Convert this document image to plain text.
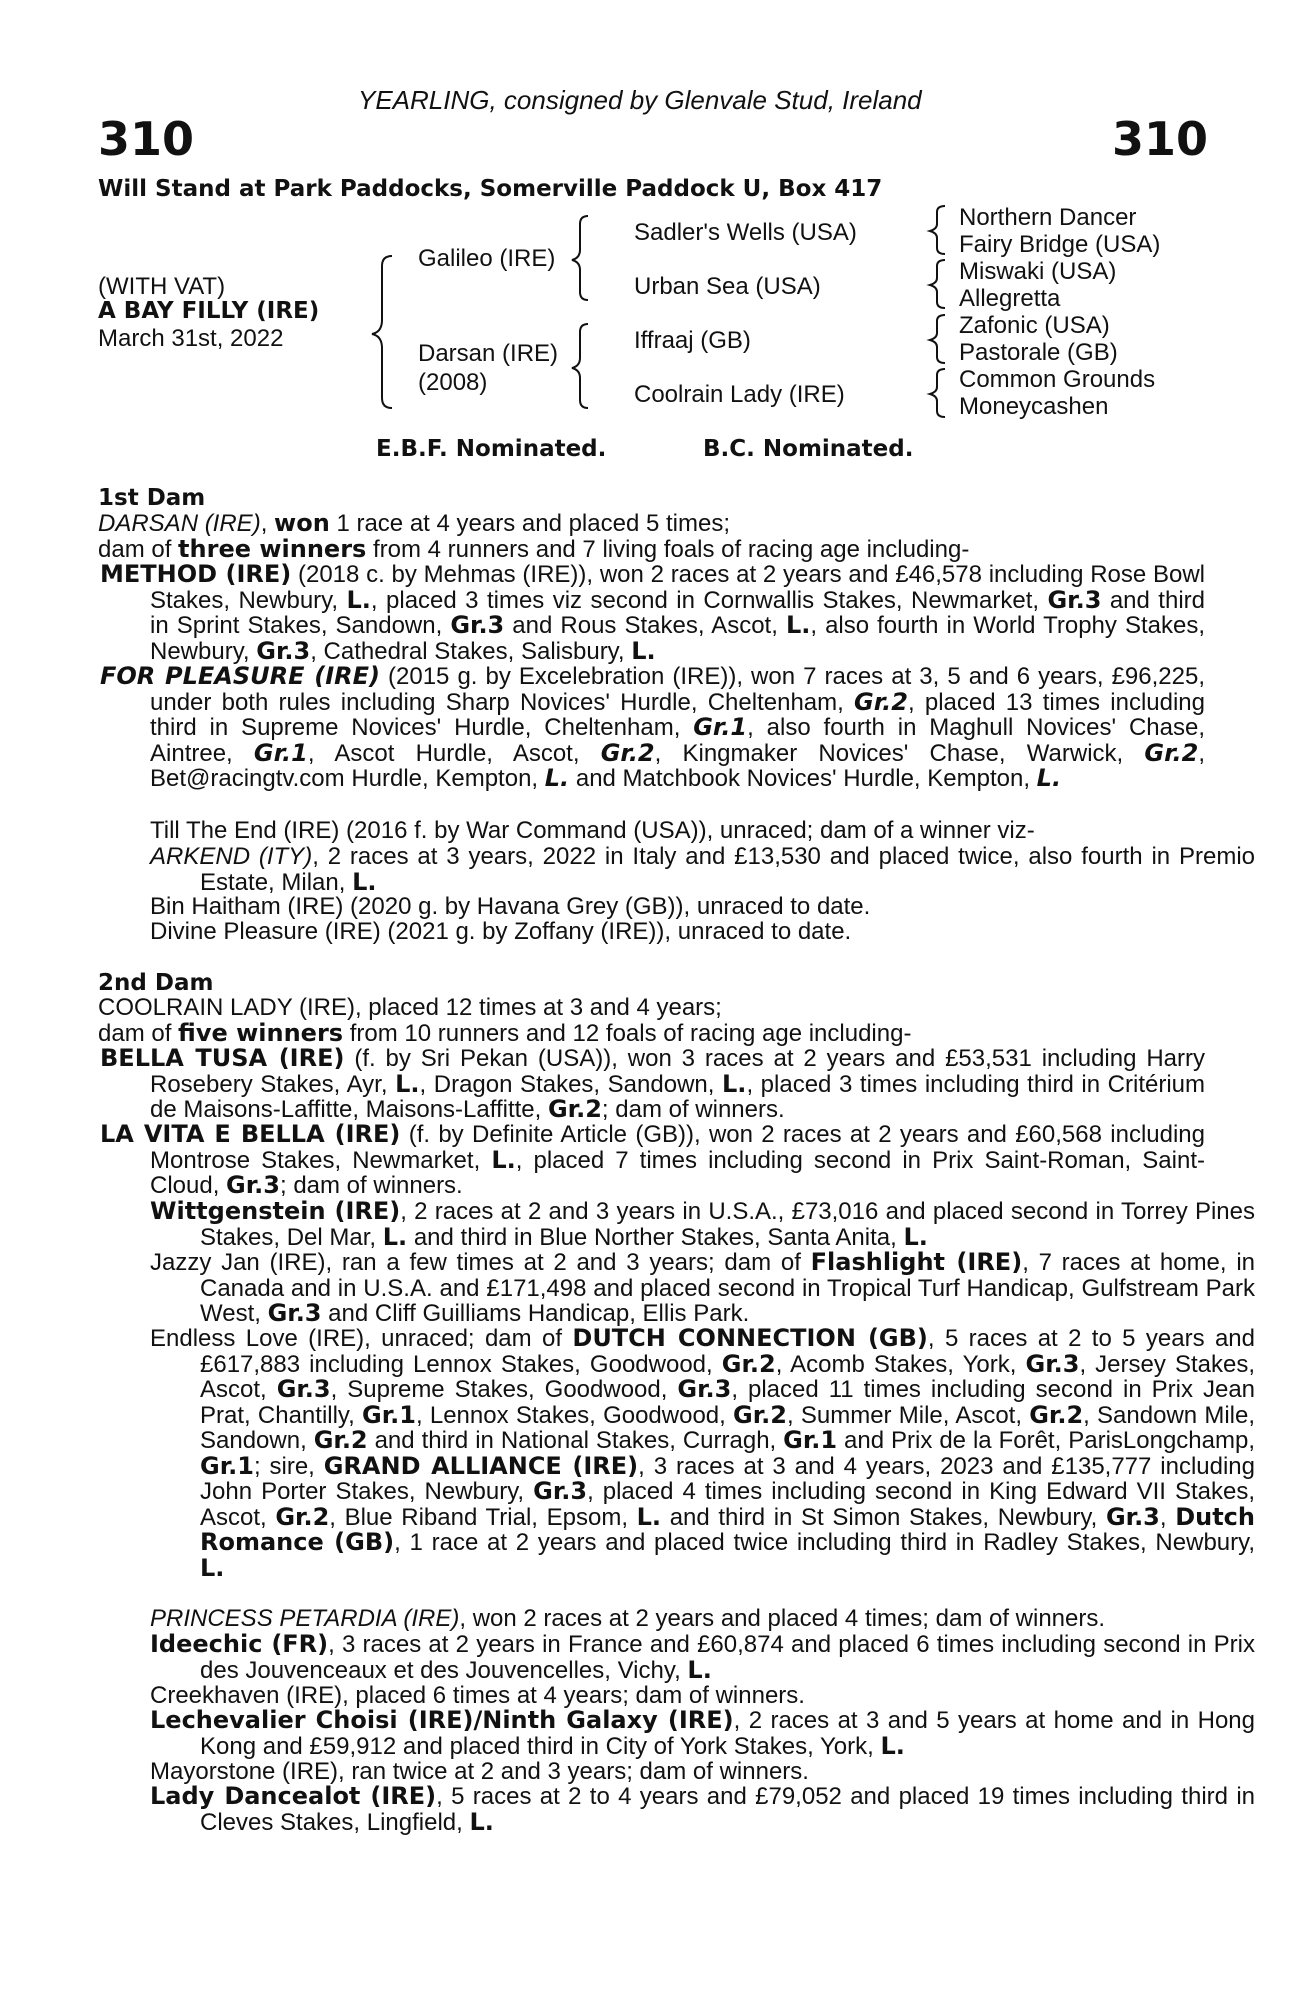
YEARLING, consigned by Glenvale Stud, Ireland
310	310
Will Stand at Park Paddocks, Somerville Paddock U, Box 417
(WITH VAT)
A BAY FILLY (IRE)
March 31st, 2022
Galileo (IRE)
Darsan (IRE)
(2008)
Sadler's Wells (USA)
Urban Sea (USA)
Iffraaj (GB)
Coolrain Lady (IRE)
Northern Dancer
Fairy Bridge (USA)
Miswaki (USA)
Allegretta
Zafonic (USA)
Pastorale (GB)
Common Grounds
Moneycashen
E.B.F. Nominated.	B.C. Nominated.
1st Dam
DARSAN (IRE), won 1 race at 4 years and placed 5 times;
dam of three winners from 4 runners and 7 living foals of racing age including-
METHOD (IRE) (2018 c. by Mehmas (IRE)), won 2 races at 2 years and £46,578 including Rose Bowl Stakes, Newbury, L., placed 3 times viz second in Cornwallis Stakes, Newmarket, Gr.3 and third in Sprint Stakes, Sandown, Gr.3 and Rous Stakes, Ascot, L., also fourth in World Trophy Stakes, Newbury, Gr.3, Cathedral Stakes, Salisbury, L.
FOR PLEASURE (IRE) (2015 g. by Excelebration (IRE)), won 7 races at 3, 5 and 6 years, £96,225, under both rules including Sharp Novices' Hurdle, Cheltenham, Gr.2, placed 13 times including third in Supreme Novices' Hurdle, Cheltenham, Gr.1, also fourth in Maghull Novices' Chase, Aintree, Gr.1, Ascot Hurdle, Ascot, Gr.2, Kingmaker Novices' Chase, Warwick, Gr.2, Bet@racingtv.com Hurdle, Kempton, L. and Matchbook Novices' Hurdle, Kempton, L.
Till The End (IRE) (2016 f. by War Command (USA)), unraced; dam of a winner viz-
ARKEND (ITY), 2 races at 3 years, 2022 in Italy and £13,530 and placed twice, also fourth in Premio Estate, Milan, L.
Bin Haitham (IRE) (2020 g. by Havana Grey (GB)), unraced to date.
Divine Pleasure (IRE) (2021 g. by Zoffany (IRE)), unraced to date.
2nd Dam
COOLRAIN LADY (IRE), placed 12 times at 3 and 4 years;
dam of five winners from 10 runners and 12 foals of racing age including-
BELLA TUSA (IRE) (f. by Sri Pekan (USA)), won 3 races at 2 years and £53,531 including Harry Rosebery Stakes, Ayr, L., Dragon Stakes, Sandown, L., placed 3 times including third in Critérium de Maisons-Laffitte, Maisons-Laffitte, Gr.2; dam of winners.
LA VITA E BELLA (IRE) (f. by Definite Article (GB)), won 2 races at 2 years and £60,568 including Montrose Stakes, Newmarket, L., placed 7 times including second in Prix Saint-Roman, Saint-Cloud, Gr.3; dam of winners.
Wittgenstein (IRE), 2 races at 2 and 3 years in U.S.A., £73,016 and placed second in Torrey Pines Stakes, Del Mar, L. and third in Blue Norther Stakes, Santa Anita, L.
Jazzy Jan (IRE), ran a few times at 2 and 3 years; dam of Flashlight (IRE), 7 races at home, in Canada and in U.S.A. and £171,498 and placed second in Tropical Turf Handicap, Gulfstream Park West, Gr.3 and Cliff Guilliams Handicap, Ellis Park.
Endless Love (IRE), unraced; dam of DUTCH CONNECTION (GB), 5 races at 2 to 5 years and £617,883 including Lennox Stakes, Goodwood, Gr.2, Acomb Stakes, York, Gr.3, Jersey Stakes, Ascot, Gr.3, Supreme Stakes, Goodwood, Gr.3, placed 11 times including second in Prix Jean Prat, Chantilly, Gr.1, Lennox Stakes, Goodwood, Gr.2, Summer Mile, Ascot, Gr.2, Sandown Mile, Sandown, Gr.2 and third in National Stakes, Curragh, Gr.1 and Prix de la Forêt, ParisLongchamp, Gr.1; sire, GRAND ALLIANCE (IRE), 3 races at 3 and 4 years, 2023 and £135,777 including John Porter Stakes, Newbury, Gr.3, placed 4 times including second in King Edward VII Stakes, Ascot, Gr.2, Blue Riband Trial, Epsom, L. and third in St Simon Stakes, Newbury, Gr.3, Dutch Romance (GB), 1 race at 2 years and placed twice including third in Radley Stakes, Newbury, L.
PRINCESS PETARDIA (IRE), won 2 races at 2 years and placed 4 times; dam of winners.
Ideechic (FR), 3 races at 2 years in France and £60,874 and placed 6 times including second in Prix des Jouvenceaux et des Jouvencelles, Vichy, L.
Creekhaven (IRE), placed 6 times at 4 years; dam of winners.
Lechevalier Choisi (IRE)/Ninth Galaxy (IRE), 2 races at 3 and 5 years at home and in Hong Kong and £59,912 and placed third in City of York Stakes, York, L.
Mayorstone (IRE), ran twice at 2 and 3 years; dam of winners.
Lady Dancealot (IRE), 5 races at 2 to 4 years and £79,052 and placed 19 times including third in Cleves Stakes, Lingfield, L.
